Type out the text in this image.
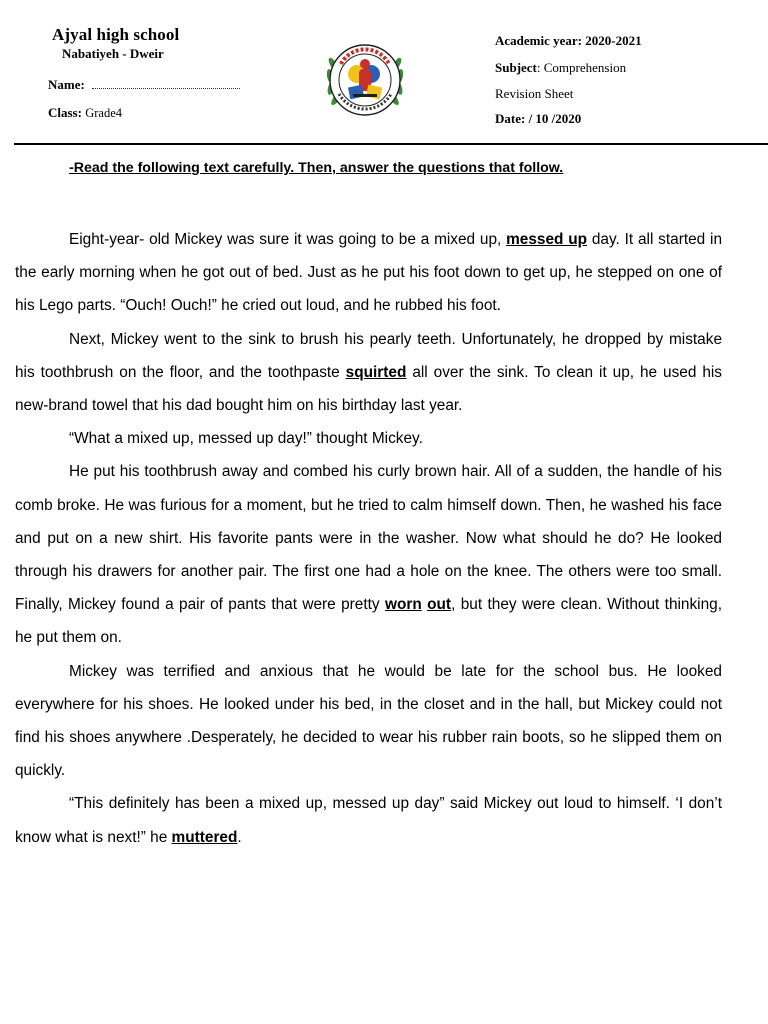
Ajyal high school
Nabatiyeh - Dweir
Name:
Class: Grade4
Academic year: 2020-2021
Subject: Comprehension
Revision Sheet
Date: / 10 /2020
-Read the following text carefully. Then, answer the questions that follow.

Eight-year- old Mickey was sure it was going to be a mixed up, messed up day. It all started in the early morning when he got out of bed. Just as he put his foot down to get up, he stepped on one of his Lego parts. “Ouch! Ouch!” he cried out loud, and he rubbed his foot.

Next, Mickey went to the sink to brush his pearly teeth. Unfortunately, he dropped by mistake his toothbrush on the floor, and the toothpaste squirted all over the sink. To clean it up, he used his new-brand towel that his dad bought him on his birthday last year.

“What a mixed up, messed up day!” thought Mickey.

He put his toothbrush away and combed his curly brown hair. All of a sudden, the handle of his comb broke. He was furious for a moment, but he tried to calm himself down. Then, he washed his face and put on a new shirt. His favorite pants were in the washer. Now what should he do? He looked through his drawers for another pair. The first one had a hole on the knee. The others were too small. Finally, Mickey found a pair of pants that were pretty worn out, but they were clean. Without thinking, he put them on.

Mickey was terrified and anxious that he would be late for the school bus. He looked everywhere for his shoes. He looked under his bed, in the closet and in the hall, but Mickey could not find his shoes anywhere .Desperately, he decided to wear his rubber rain boots, so he slipped them on quickly.

“This definitely has been a mixed up, messed up day” said Mickey out loud to himself. ‘I don’t know what is next!” he muttered.
